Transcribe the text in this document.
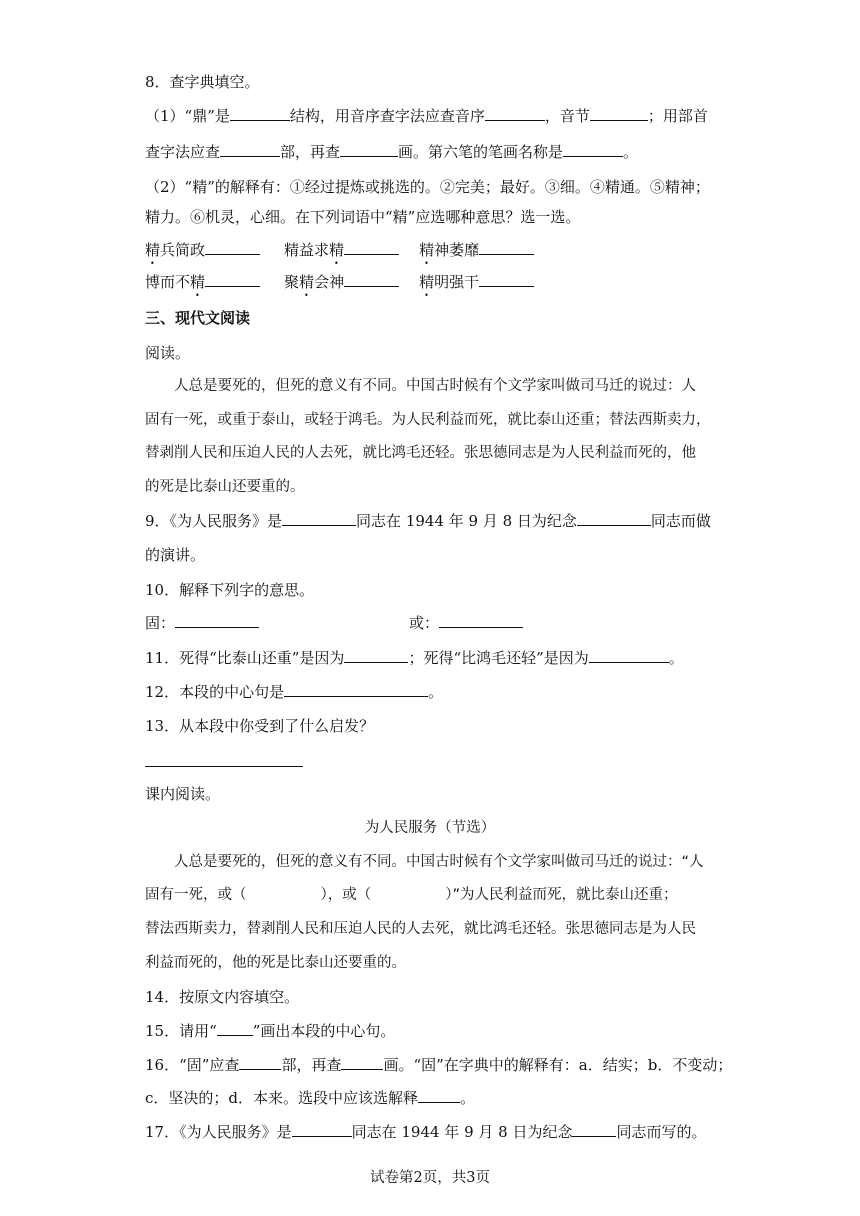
8．查字典填空。
（1）“鼎”是	结构，用音序查字法应查音序	，音节	；用部首
查字法应查	部，再查	画。第六笔的笔画名称是	。
（2）“精”的解释有：①经过提炼或挑选的。②完美；最好。③细。④精通。⑤精神；
精力。⑥机灵，心细。在下列词语中“精”应选哪种意思？选一选。
精兵简政	精益求精	精神萎靡
博而不精	聚精会神	精明强干
三、现代文阅读
阅读。
人总是要死的，但死的意义有不同。中国古时候有个文学家叫做司马迁的说过：人
固有一死，或重于泰山，或轻于鸿毛。为人民利益而死，就比泰山还重；替法西斯卖力，
替剥削人民和压迫人民的人去死，就比鸿毛还轻。张思德同志是为人民利益而死的，他
的死是比泰山还要重的。
9．《为人民服务》是	同志在 1944 年 9 月 8 日为纪念	同志而做
的演讲。
10．解释下列字的意思。
固：	或：
11．死得“比泰山还重”是因为	；死得“比鸿毛还轻”是因为	。
12．本段的中心句是	。
13．从本段中你受到了什么启发？
课内阅读。
为人民服务（节选）
人总是要死的，但死的意义有不同。中国古时候有个文学家叫做司马迁的说过：“人
固有一死，或（	），或（	）”为人民利益而死，就比泰山还重；
替法西斯卖力，替剥削人民和压迫人民的人去死，就比鸿毛还轻。张思德同志是为人民
利益而死的，他的死是比泰山还要重的。
14．按原文内容填空。
15．请用“ ”画出本段的中心句。
16．“固”应查	部，再查	画。“固”在字典中的解释有：a．结实；b．不变动；
c．坚决的；d．本来。选段中应该选解释	。
17．《为人民服务》是	同志在 1944 年 9 月 8 日为纪念	同志而写的。
试卷第2页，共3页
